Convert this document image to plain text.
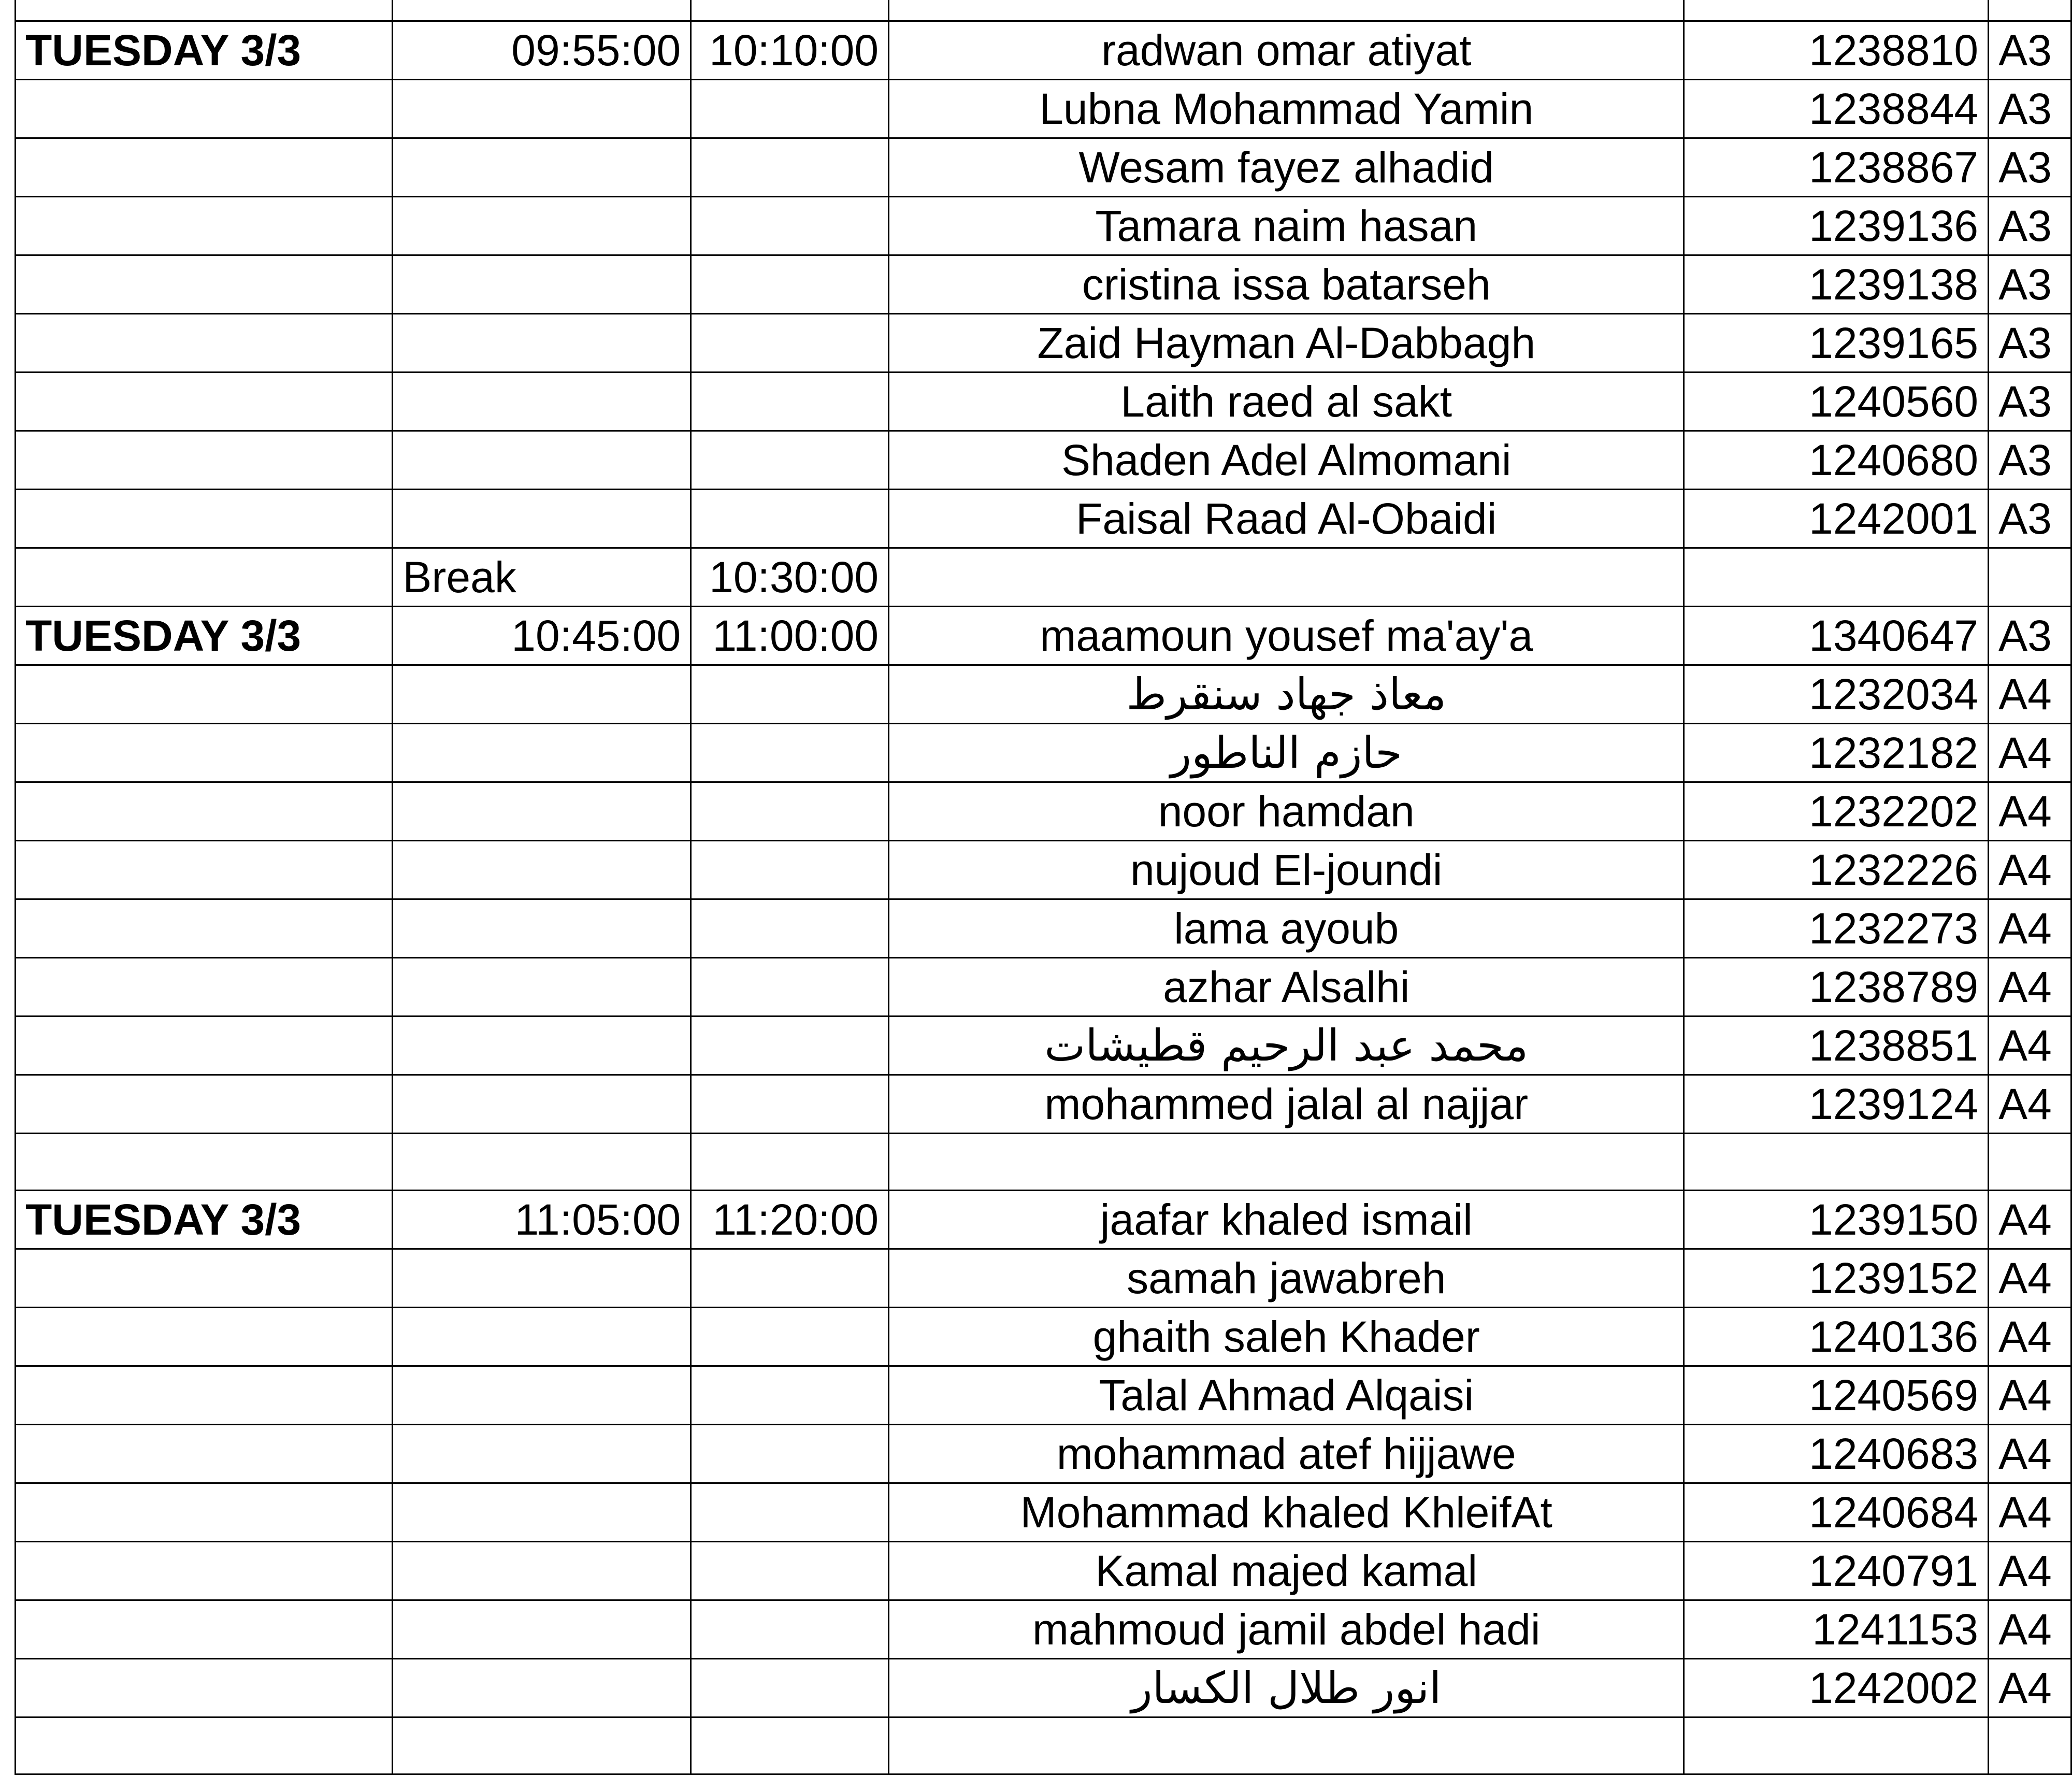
TUESDAY 3/3	09:55:00	10:10:00	radwan omar atiyat	1238810	A3
			Lubna Mohammad Yamin	1238844	A3
			Wesam fayez alhadid	1238867	A3
			Tamara naim hasan	1239136	A3
			cristina issa batarseh	1239138	A3
			Zaid Hayman Al-Dabbagh	1239165	A3
			Laith raed al sakt	1240560	A3
			Shaden Adel Almomani	1240680	A3
			Faisal Raad Al-Obaidi	1242001	A3
	Break	10:30:00			
TUESDAY 3/3	10:45:00	11:00:00	maamoun yousef ma'ay'a	1340647	A3
			معاذ جهاد سنقرط	1232034	A4
			حازم الناطور	1232182	A4
			noor hamdan	1232202	A4
			nujoud El-joundi	1232226	A4
			lama ayoub	1232273	A4
			azhar Alsalhi	1238789	A4
			محمد عبد الرحيم قطيشات	1238851	A4
			mohammed jalal al najjar	1239124	A4

TUESDAY 3/3	11:05:00	11:20:00	jaafar khaled ismail	1239150	A4
			samah jawabreh	1239152	A4
			ghaith saleh Khader	1240136	A4
			Talal Ahmad Alqaisi	1240569	A4
			mohammad atef hijjawe	1240683	A4
			Mohammad khaled KhleifAt	1240684	A4
			Kamal majed kamal	1240791	A4
			mahmoud jamil abdel hadi	1241153	A4
			انور طلال الكسار	1242002	A4
